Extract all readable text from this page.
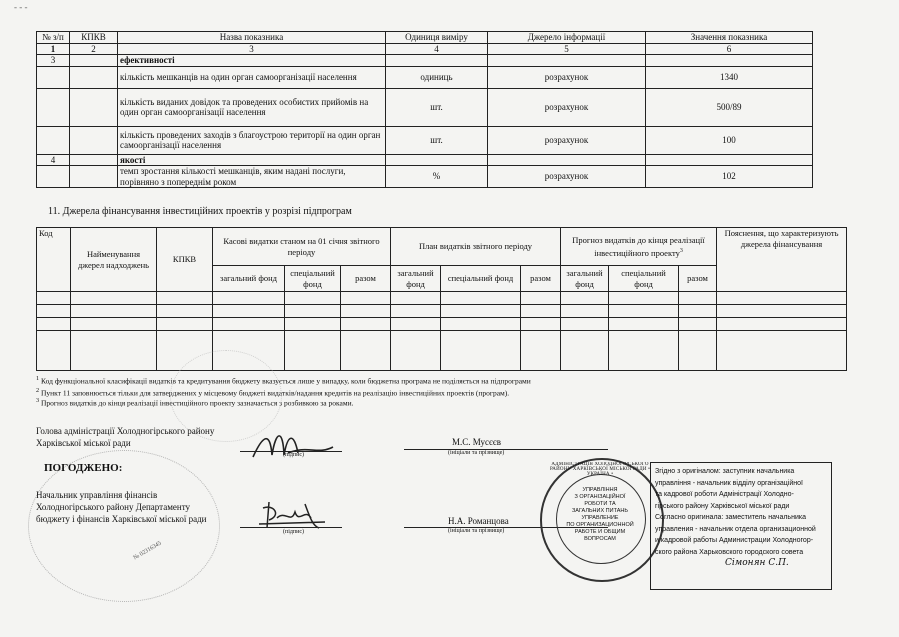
‑ ‑ ‑
№ з/п	КПКВ	Назва показника	Одиниця виміру	Джерело інформації	Значення показника
1	2	3	4	5	6
3		ефективності			
		кількість мешканців на один орган самоорганізації населення	одиниць	розрахунок	1340
		кількість виданих довідок та проведених особистих прийомів на один орган самоорганізації населення	шт.	розрахунок	500/89
		кількість проведених заходів з благоустрою території на один орган самоорганізації населення	шт.	розрахунок	100
4		якості			
		темп зростання кількості мешканців, яким надані послуги, порівняно з попереднім роком	%	розрахунок	102
11. Джерела фінансування інвестиційних проектів у розрізі підпрограм
Код	Найменування джерел надходжень	КПКВ	Касові видатки станом на 01 січня звітного періоду			План видатків звітного періоду			Прогноз видатків до кінця реалізації інвестиційного проекту$^3$			Пояснення, що характеризують джерела фінансування
			загальний фонд	спеціальний фонд	разом	загальний фонд	спеціальний фонд	разом	загальний фонд	спеціальний фонд	разом	

$^1$ Код функціональної класифікації видатків та кредитування бюджету вказується лише у випадку, коли бюджетна програма не поділяється на підпрограми
$^2$ Пункт 11 заповнюється тільки для затверджених у місцевому бюджеті видатків/надання кредитів на реалізацію інвестиційних проектів (програм).
$^3$ Прогноз видатків до кінця реалізації інвестиційного проекту зазначається з розбивкою за роками.
№ 02316345
Голова адміністрації Холодногірського району
Харківської міської ради
(підпис)
М.С. Мусєєв
(ініціали та прізвище)
ПОГОДЖЕНО:
Начальник управління фінансів
Холодногірського району Департаменту
бюджету і фінансів Харківської міської ради
(підпис)
Н.А. Романцова
(ініціали та прізвище)
АДМІНІСТРАЦІЯ ХОЛОДНОГІРСЬКОГО РАЙОНУ ХАРКІВСЬКОЇ МІСЬКОЇ РАДИ • УКРАЇНА •
УПРАВЛІННЯ
З ОРГАНІЗАЦІЙНОЇ
РОБОТИ ТА
ЗАГАЛЬНИХ ПИТАНЬ
УПРАВЛЕНИЕ
ПО ОРГАНИЗАЦИОННОЙ
РАБОТЕ И ОБЩИМ
ВОПРОСАМ
Згідно з оригіналом: заступник начальника
управління - начальник відділу організаційної
та кадрової роботи Адміністрації Холодно-
гірського району Харківської міської ради
Согласно оригинала: заместитель начальника
управления - начальник отдела организационной
и кадровой работы Администрации Холодногор-
ского района Харьковского городского совета
Сімонян С.П.
